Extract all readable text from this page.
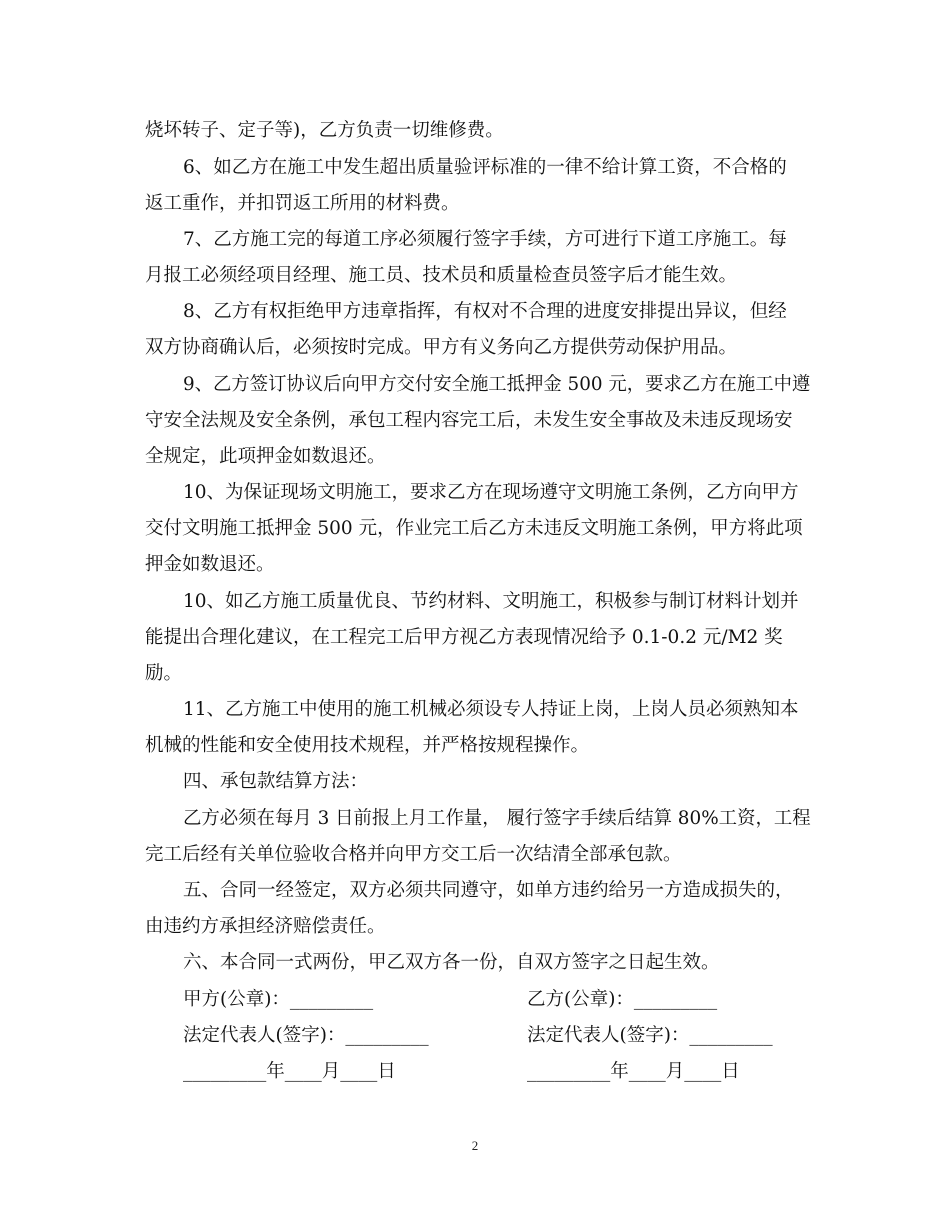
烧坏转子、定子等)，乙方负责一切维修费。
6、如乙方在施工中发生超出质量验评标准的一律不给计算工资，不合格的
返工重作，并扣罚返工所用的材料费。
7、乙方施工完的每道工序必须履行签字手续，方可进行下道工序施工。每
月报工必须经项目经理、施工员、技术员和质量检查员签字后才能生效。
8、乙方有权拒绝甲方违章指挥，有权对不合理的进度安排提出异议，但经
双方协商确认后，必须按时完成。甲方有义务向乙方提供劳动保护用品。
9、乙方签订协议后向甲方交付安全施工抵押金 500 元，要求乙方在施工中遵
守安全法规及安全条例，承包工程内容完工后，未发生安全事故及未违反现场安
全规定，此项押金如数退还。
10、为保证现场文明施工，要求乙方在现场遵守文明施工条例，乙方向甲方
交付文明施工抵押金 500 元，作业完工后乙方未违反文明施工条例，甲方将此项
押金如数退还。
10、如乙方施工质量优良、节约材料、文明施工，积极参与制订材料计划并
能提出合理化建议，在工程完工后甲方视乙方表现情况给予 0.1-0.2 元/M2 奖
励。
11、乙方施工中使用的施工机械必须设专人持证上岗，上岗人员必须熟知本
机械的性能和安全使用技术规程，并严格按规程操作。
四、承包款结算方法：
乙方必须在每月 3 日前报上月工作量， 履行签字手续后结算 80%工资，工程
完工后经有关单位验收合格并向甲方交工后一次结清全部承包款。
五、合同一经签定，双方必须共同遵守，如单方违约给另一方造成损失的，
由违约方承担经济赔偿责任。
六、本合同一式两份，甲乙双方各一份，自双方签字之日起生效。
甲方(公章)：_________	乙方(公章)：_________
法定代表人(签字)：_________	法定代表人(签字)：_________
_________年____月____日	_________年____月____日
2
